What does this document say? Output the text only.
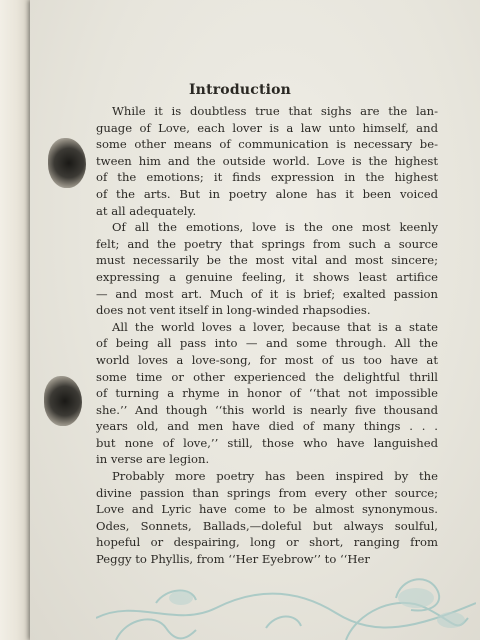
Introduction
While it is doubtless true that sighs are the lan-
guage of Love, each lover is a law unto himself, and
some other means of communication is necessary be-
tween him and the outside world. Love is the highest
of the emotions; it finds expression in the highest
of the arts. But in poetry alone has it been voiced
at all adequately.
Of all the emotions, love is the one most keenly
felt; and the poetry that springs from such a source
must necessarily be the most vital and most sincere;
expressing a genuine feeling, it shows least artifice
— and most art. Much of it is brief; exalted passion
does not vent itself in long-winded rhapsodies.
All the world loves a lover, because that is a state
of being all pass into — and some through. All the
world loves a love-song, for most of us too have at
some time or other experienced the delightful thrill
of turning a rhyme in honor of ‘‘that not impossible
she.’’ And though ‘‘this world is nearly five thousand
years old, and men have died of many things . . .
but none of love,’’ still, those who have languished
in verse are legion.
Probably more poetry has been inspired by the
divine passion than springs from every other source;
Love and Lyric have come to be almost synonymous.
Odes, Sonnets, Ballads,—doleful but always soulful,
hopeful or despairing, long or short, ranging from
Peggy to Phyllis, from ‘‘Her Eyebrow’’ to ‘‘Her
